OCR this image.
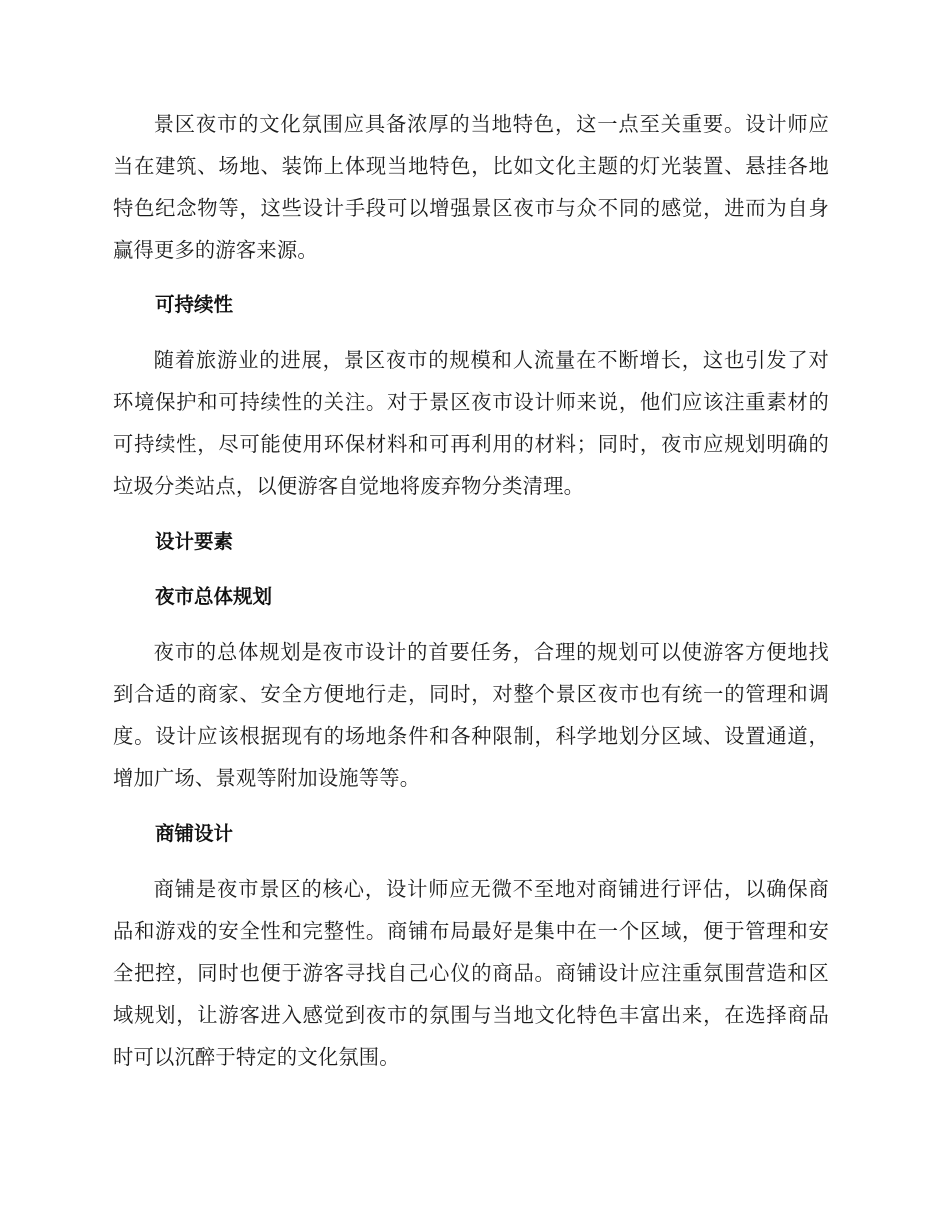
景区夜市的文化氛围应具备浓厚的当地特色，这一点至关重要。设计师应当在建筑、场地、装饰上体现当地特色，比如文化主题的灯光装置、悬挂各地特色纪念物等，这些设计手段可以增强景区夜市与众不同的感觉，进而为自身赢得更多的游客来源。

可持续性

随着旅游业的进展，景区夜市的规模和人流量在不断增长，这也引发了对环境保护和可持续性的关注。对于景区夜市设计师来说，他们应该注重素材的可持续性，尽可能使用环保材料和可再利用的材料；同时，夜市应规划明确的垃圾分类站点，以便游客自觉地将废弃物分类清理。

设计要素

夜市总体规划

夜市的总体规划是夜市设计的首要任务，合理的规划可以使游客方便地找到合适的商家、安全方便地行走，同时，对整个景区夜市也有统一的管理和调度。设计应该根据现有的场地条件和各种限制，科学地划分区域、设置通道，增加广场、景观等附加设施等等。

商铺设计

商铺是夜市景区的核心，设计师应无微不至地对商铺进行评估，以确保商品和游戏的安全性和完整性。商铺布局最好是集中在一个区域，便于管理和安全把控，同时也便于游客寻找自己心仪的商品。商铺设计应注重氛围营造和区域规划，让游客进入感觉到夜市的氛围与当地文化特色丰富出来，在选择商品时可以沉醉于特定的文化氛围。
